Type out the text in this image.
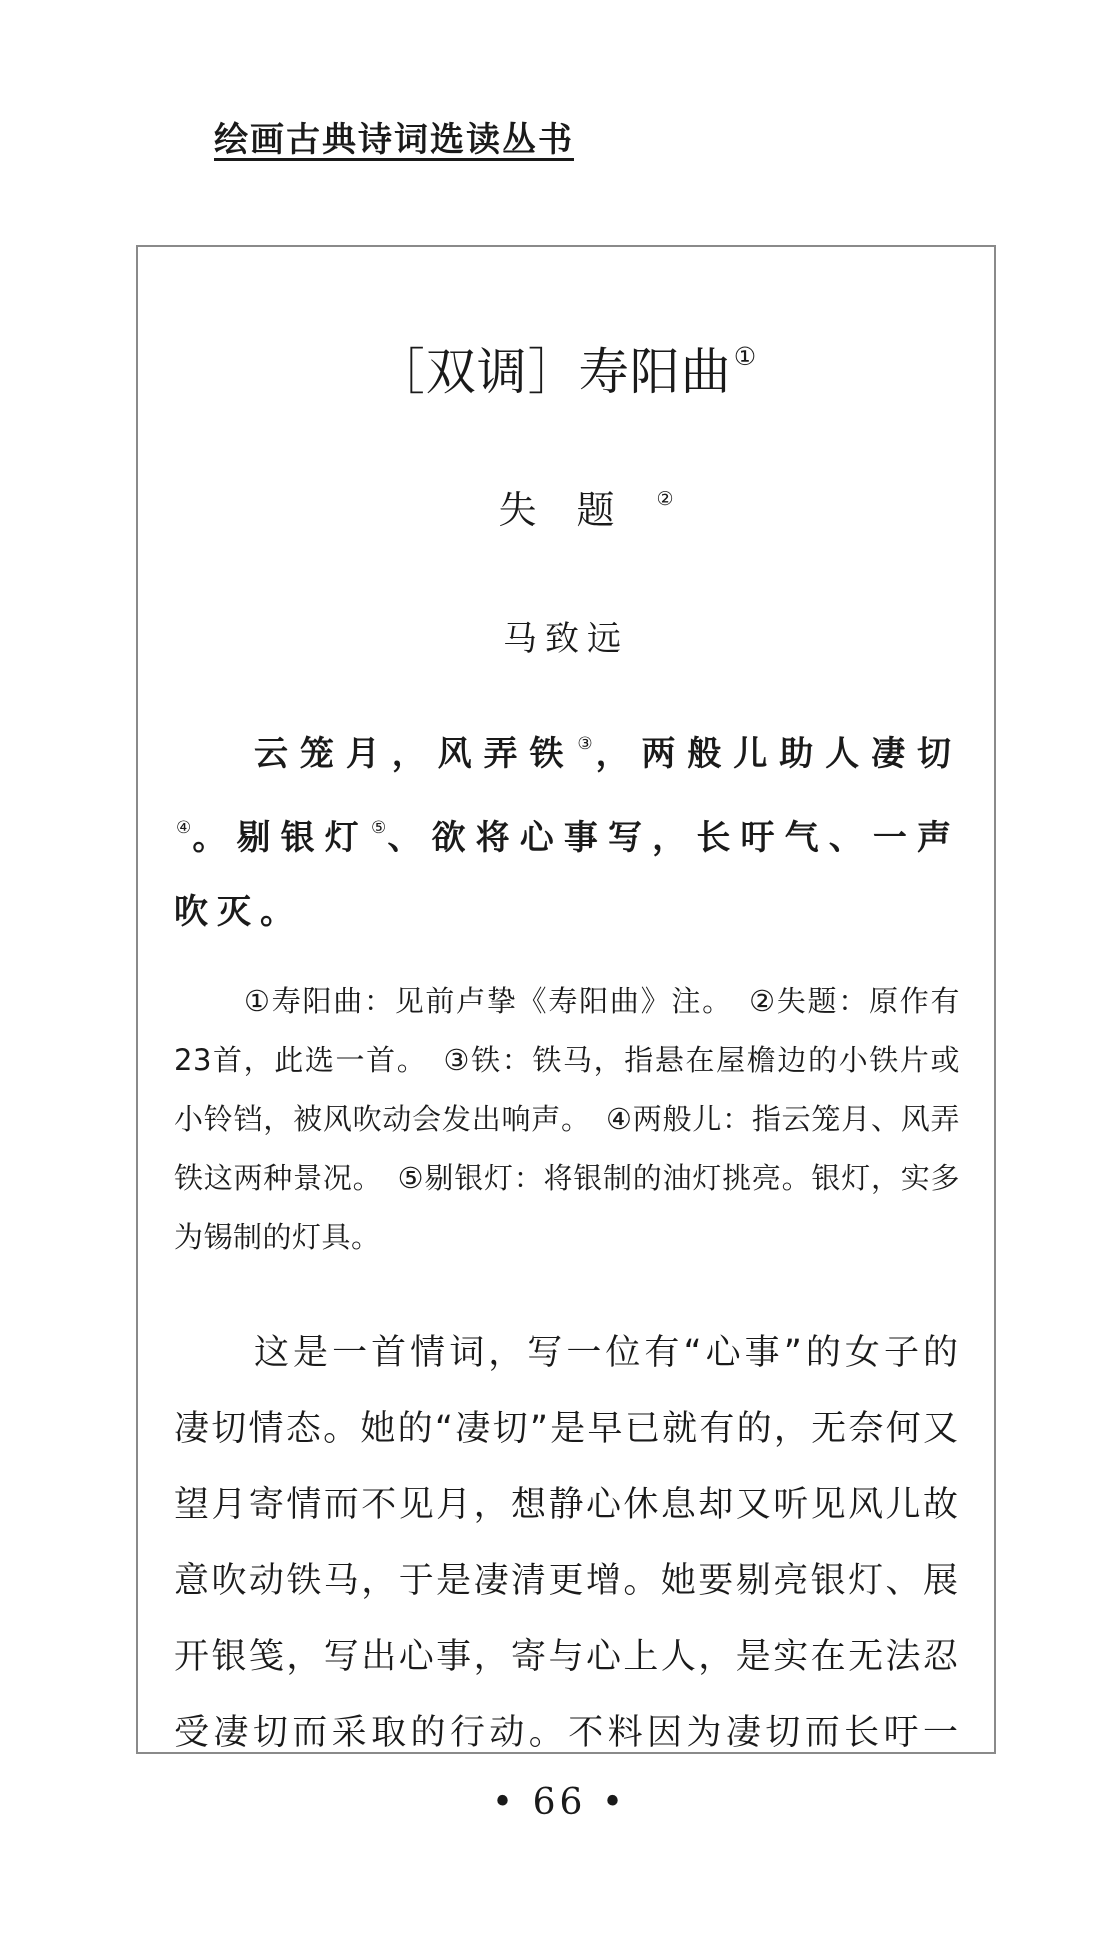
绘画古典诗词选读丛书
［双调］寿阳曲①
失题 ②
马致远
云笼月，风弄铁 ③，两般儿助人凄切④。剔银灯 ⑤、欲将心事写，长吁气、一声吹灭。

①寿阳曲：见前卢挚《寿阳曲》注。　②失题：原作有23首，此选一首。　③铁：铁马，指悬在屋檐边的小铁片或小铃铛，被风吹动会发出响声。　④两般儿：指云笼月、风弄铁这两种景况。　⑤剔银灯：将银制的油灯挑亮。银灯，实多为锡制的灯具。

这是一首情词，写一位有“心事”的女子的凄切情态。她的“凄切”是早已就有的，无奈何又望月寄情而不见月，想静心休息却又听见风儿故意吹动铁马，于是凄清更增。她要剔亮银灯、展开银笺，写出心事，寄与心上人，是实在无法忍受凄切而采取的行动。不料因为凄切而长吁一

• 66 •
